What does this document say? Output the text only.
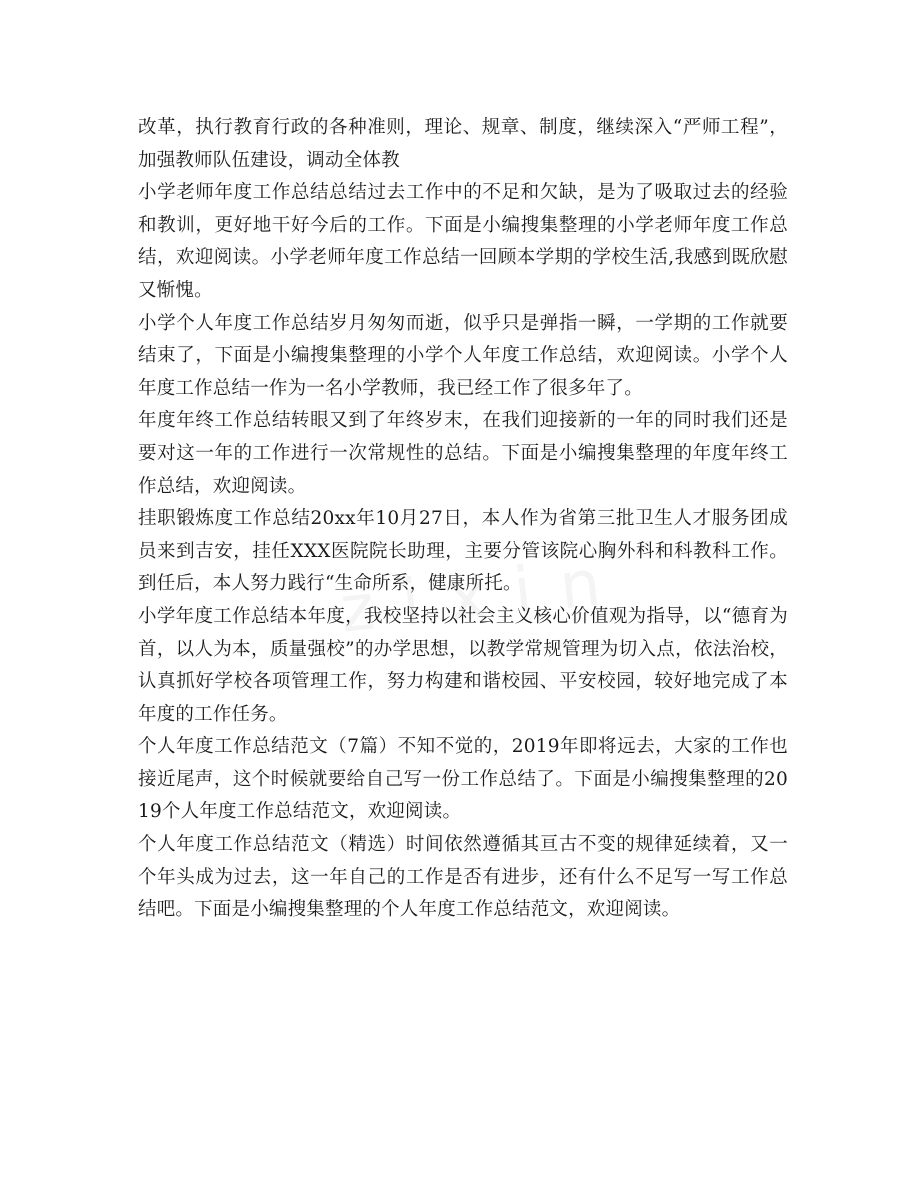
改革，执行教育行政的各种准则，理论、规章、制度，继续深入“严师工程”，加强教师队伍建设，调动全体教

小学老师年度工作总结总结过去工作中的不足和欠缺，是为了吸取过去的经验和教训，更好地干好今后的工作。下面是小编搜集整理的小学老师年度工作总结，欢迎阅读。小学老师年度工作总结一回顾本学期的学校生活,我感到既欣慰又惭愧。

小学个人年度工作总结岁月匆匆而逝，似乎只是弹指一瞬，一学期的工作就要结束了，下面是小编搜集整理的小学个人年度工作总结，欢迎阅读。小学个人年度工作总结一作为一名小学教师，我已经工作了很多年了。

年度年终工作总结转眼又到了年终岁末，在我们迎接新的一年的同时我们还是要对这一年的工作进行一次常规性的总结。下面是小编搜集整理的年度年终工作总结，欢迎阅读。

挂职锻炼度工作总结20xx年10月27日，本人作为省第三批卫生人才服务团成员来到吉安，挂任XXX医院院长助理，主要分管该院心胸外科和科教科工作。到任后，本人努力践行“生命所系，健康所托。

小学年度工作总结本年度，我校坚持以社会主义核心价值观为指导，以“德育为首，以人为本，质量强校”的办学思想，以教学常规管理为切入点，依法治校，认真抓好学校各项管理工作，努力构建和谐校园、平安校园，较好地完成了本年度的工作任务。

个人年度工作总结范文（7篇）不知不觉的，2019年即将远去，大家的工作也接近尾声，这个时候就要给自己写一份工作总结了。下面是小编搜集整理的2019个人年度工作总结范文，欢迎阅读。

个人年度工作总结范文（精选）时间依然遵循其亘古不变的规律延续着，又一个年头成为过去，这一年自己的工作是否有进步，还有什么不足写一写工作总结吧。下面是小编搜集整理的个人年度工作总结范文，欢迎阅读。
